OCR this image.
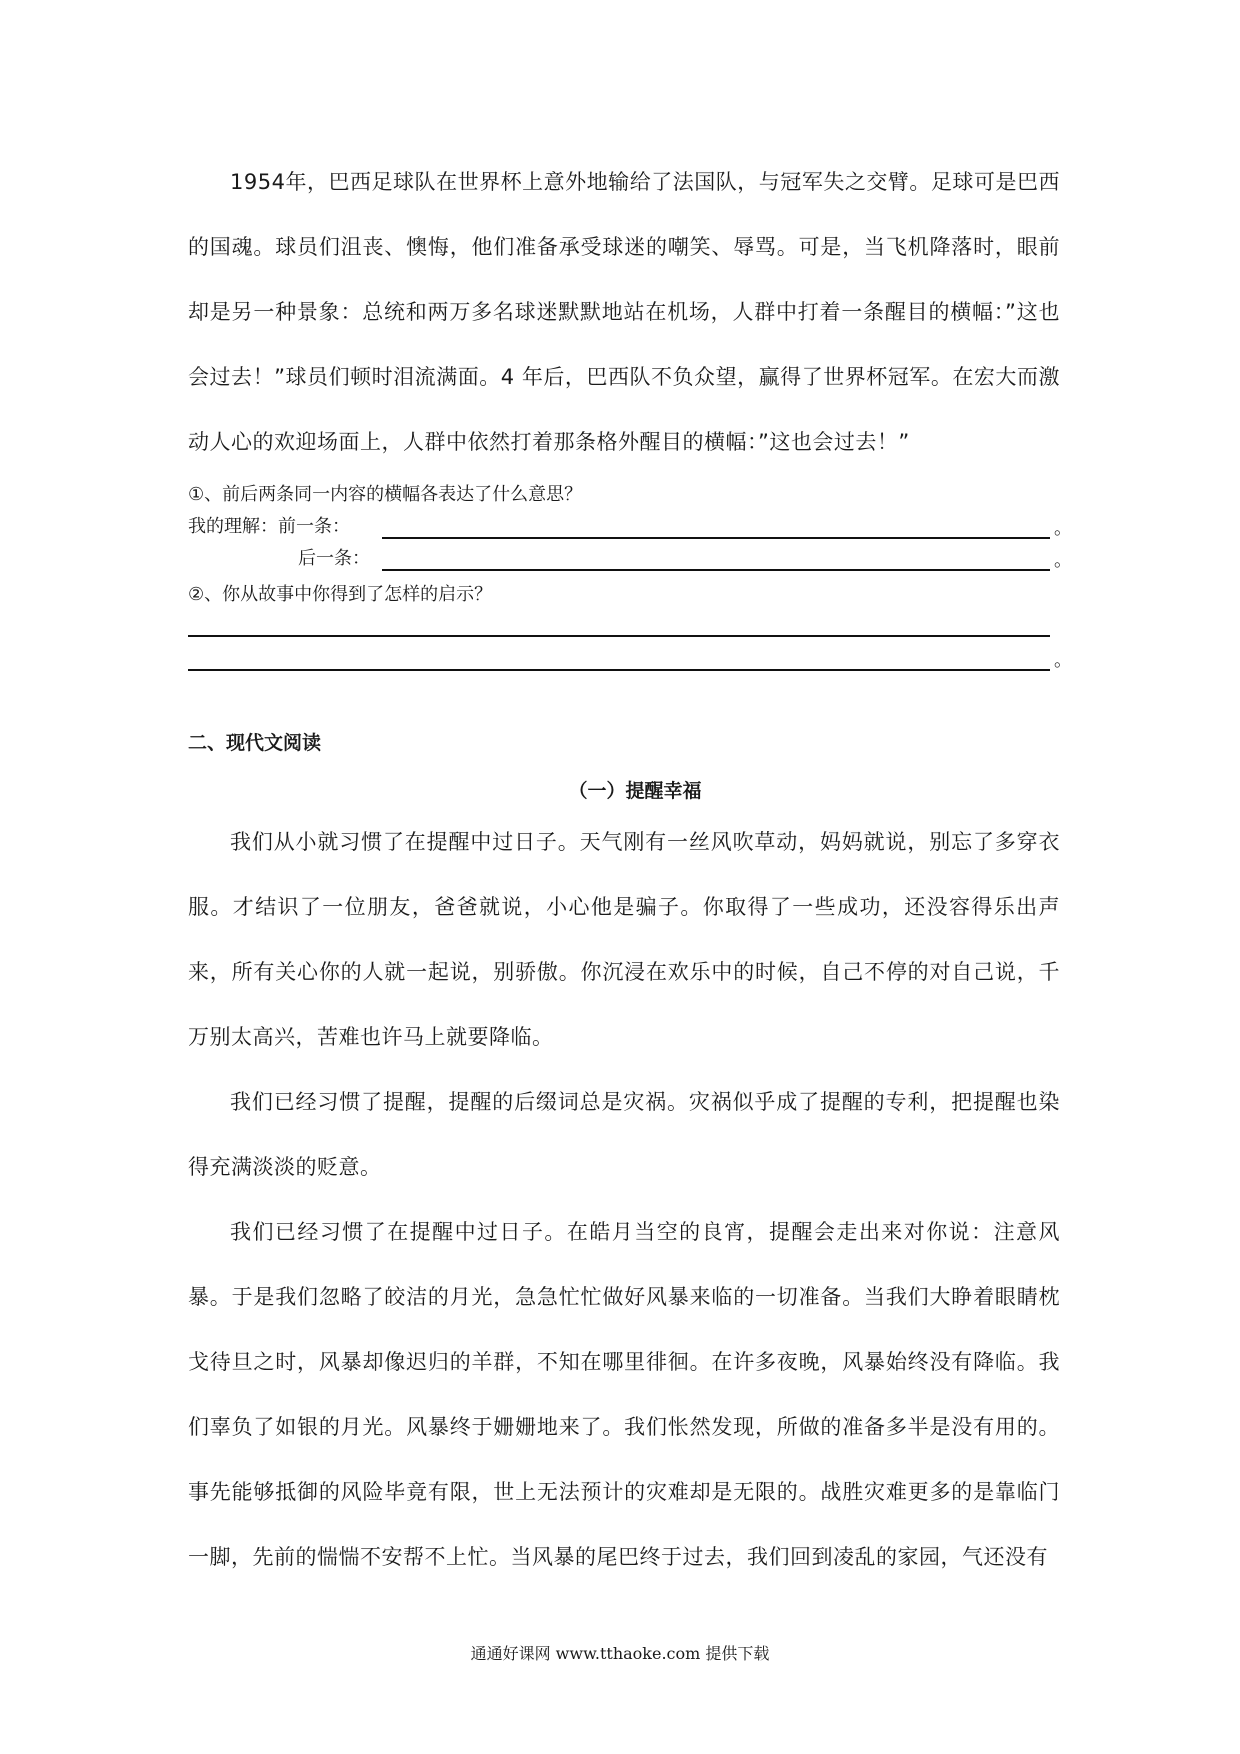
1954年，巴西足球队在世界杯上意外地输给了法国队，与冠军失之交臂。足球可是巴西的国魂。球员们沮丧、懊悔，他们准备承受球迷的嘲笑、辱骂。可是，当飞机降落时，眼前却是另一种景象：总统和两万多名球迷默默地站在机场，人群中打着一条醒目的横幅：”这也会过去！”球员们顿时泪流满面。4 年后，巴西队不负众望，赢得了世界杯冠军。在宏大而激动人心的欢迎场面上，人群中依然打着那条格外醒目的横幅：”这也会过去！”

①、前后两条同一内容的横幅各表达了什么意思？

我的理解：前一条：	。

后一条：	。

②、你从故事中你得到了怎样的启示？

。

二、现代文阅读

（一）提醒幸福

我们从小就习惯了在提醒中过日子。天气刚有一丝风吹草动，妈妈就说，别忘了多穿衣服。才结识了一位朋友，爸爸就说，小心他是骗子。你取得了一些成功，还没容得乐出声来，所有关心你的人就一起说，别骄傲。你沉浸在欢乐中的时候，自己不停的对自己说，千万别太高兴，苦难也许马上就要降临。

我们已经习惯了提醒，提醒的后缀词总是灾祸。灾祸似乎成了提醒的专利，把提醒也染得充满淡淡的贬意。

我们已经习惯了在提醒中过日子。在皓月当空的良宵，提醒会走出来对你说：注意风暴。于是我们忽略了皎洁的月光，急急忙忙做好风暴来临的一切准备。当我们大睁着眼睛枕戈待旦之时，风暴却像迟归的羊群，不知在哪里徘徊。在许多夜晚，风暴始终没有降临。我们辜负了如银的月光。风暴终于姗姗地来了。我们怅然发现，所做的准备多半是没有用的。事先能够抵御的风险毕竟有限，世上无法预计的灾难却是无限的。战胜灾难更多的是靠临门一脚，先前的惴惴不安帮不上忙。当风暴的尾巴终于过去，我们回到凌乱的家园，气还没有

通通好课网 www.tthaoke.com 提供下载
